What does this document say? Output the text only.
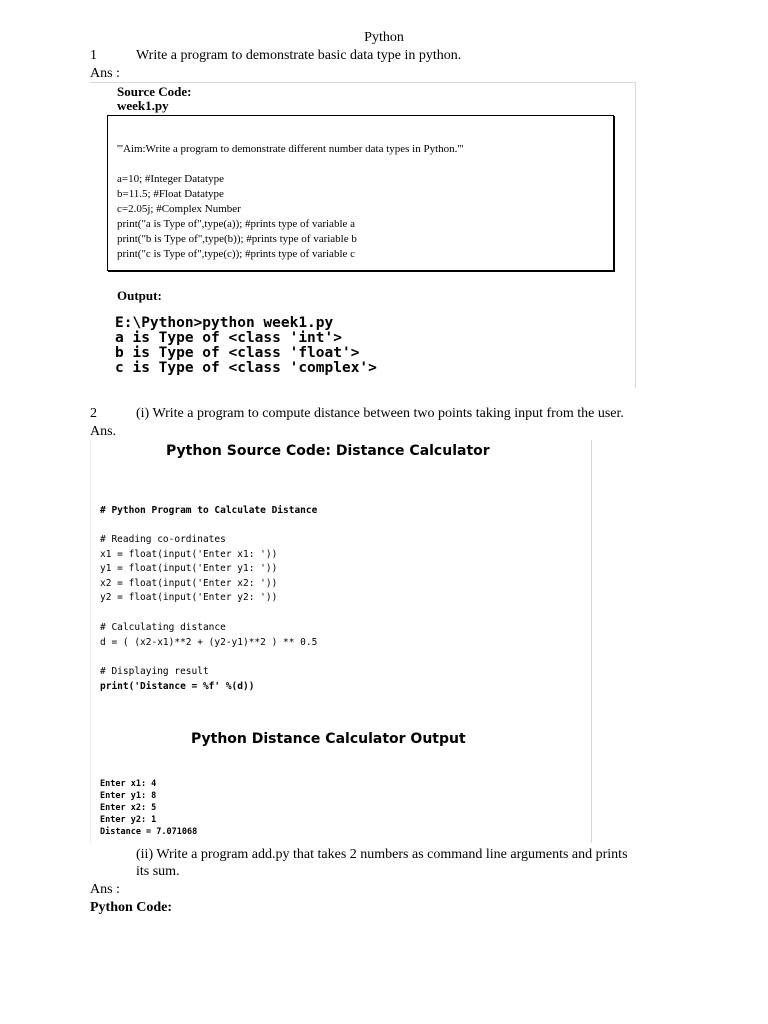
Python
1	Write a program to demonstrate basic data type in python.
Ans :
Source Code:
week1.py
'''Aim:Write a program to demonstrate different number data types in Python.'''
a=10; #Integer Datatype
b=11.5; #Float Datatype
c=2.05j; #Complex Number
print("a is Type of",type(a)); #prints type of variable a
print("b is Type of",type(b)); #prints type of variable b
print("c is Type of",type(c)); #prints type of variable c
Output:
E:\Python>python week1.py
a is Type of <class 'int'>
b is Type of <class 'float'>
c is Type of <class 'complex'>
2	(i) Write a program to compute distance between two points taking input from the user.
Ans.
Python Source Code: Distance Calculator
# Python Program to Calculate Distance
# Reading co-ordinates
x1 = float(input('Enter x1: '))
y1 = float(input('Enter y1: '))
x2 = float(input('Enter x2: '))
y2 = float(input('Enter y2: '))
# Calculating distance
d = ( (x2-x1)**2 + (y2-y1)**2 ) ** 0.5
# Displaying result
print('Distance = %f' %(d))
Python Distance Calculator Output
Enter x1: 4
Enter y1: 8
Enter x2: 5
Enter y2: 1
Distance = 7.071068
(ii) Write a program add.py that takes 2 numbers as command line arguments and prints
its sum.
Ans :
Python Code:
